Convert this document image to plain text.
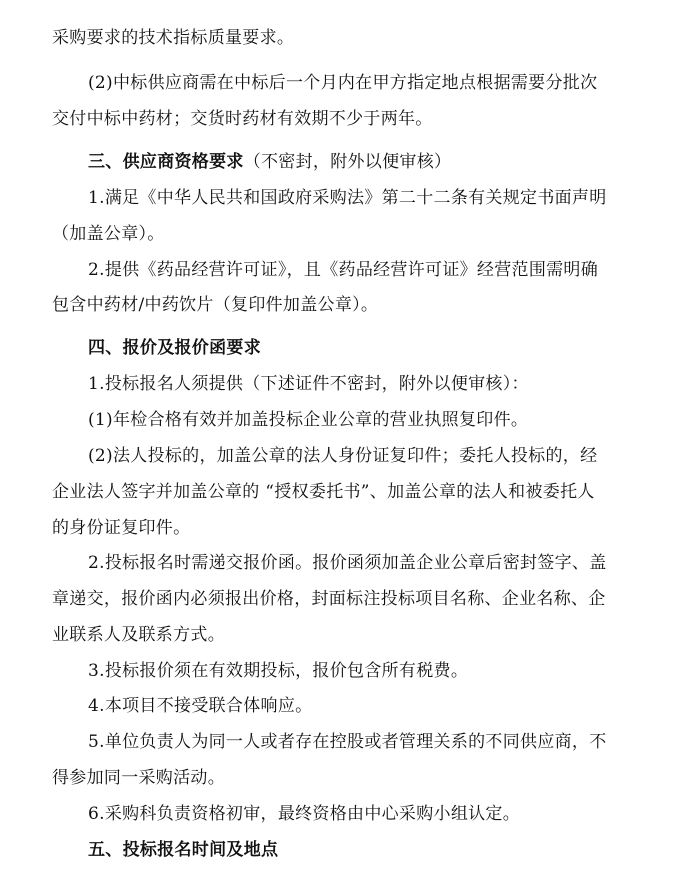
采购要求的技术指标质量要求。
(2)中标供应商需在中标后一个月内在甲方指定地点根据需要分批次
交付中标中药材；交货时药材有效期不少于两年。
三、供应商资格要求（不密封，附外以便审核）
1.满足《中华人民共和国政府采购法》第二十二条有关规定书面声明
（加盖公章）。
2.提供《药品经营许可证》，且《药品经营许可证》经营范围需明确
包含中药材/中药饮片（复印件加盖公章）。
四、报价及报价函要求
1.投标报名人须提供（下述证件不密封，附外以便审核）：
(1)年检合格有效并加盖投标企业公章的营业执照复印件。
(2)法人投标的，加盖公章的法人身份证复印件；委托人投标的，经
企业法人签字并加盖公章的 “授权委托书”、加盖公章的法人和被委托人
的身份证复印件。
2.投标报名时需递交报价函。报价函须加盖企业公章后密封签字、盖
章递交，报价函内必须报出价格，封面标注投标项目名称、企业名称、企
业联系人及联系方式。
3.投标报价须在有效期投标，报价包含所有税费。
4.本项目不接受联合体响应。
5.单位负责人为同一人或者存在控股或者管理关系的不同供应商，不
得参加同一采购活动。
6.采购科负责资格初审，最终资格由中心采购小组认定。
五、投标报名时间及地点
